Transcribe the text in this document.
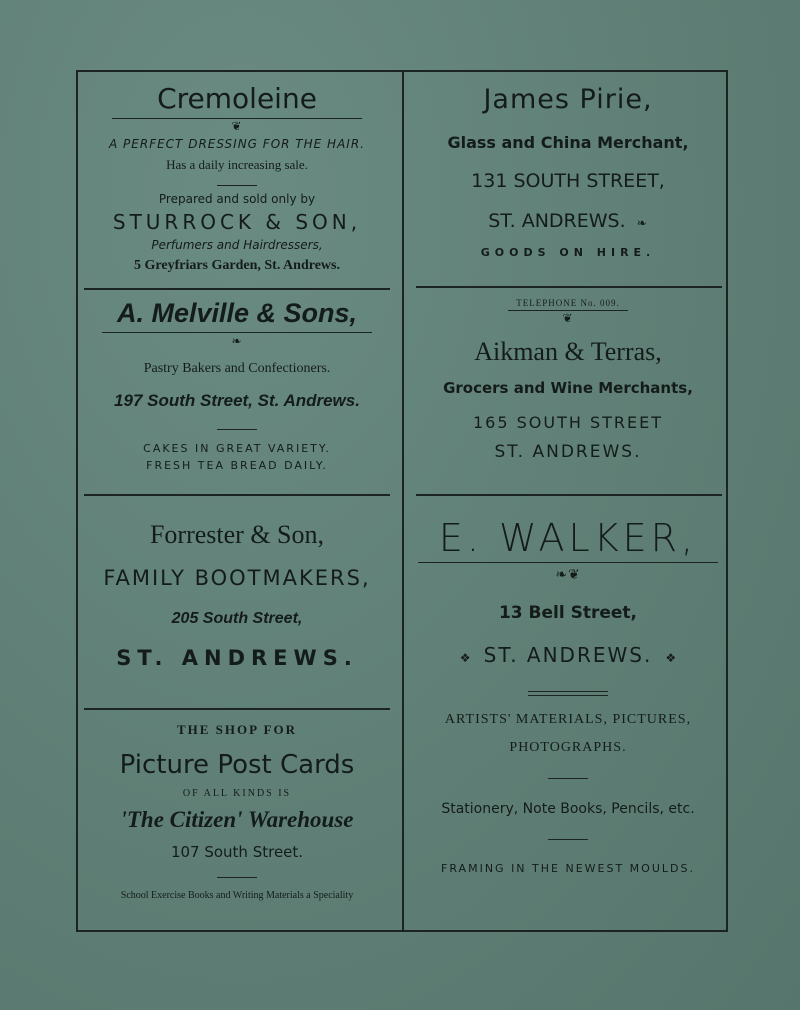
Cremoleine
❦
A PERFECT DRESSING FOR THE HAIR.
Has a daily increasing sale.
Prepared and sold only by
STURROCK & SON,
Perfumers and Hairdressers,
5 Greyfriars Garden, St. Andrews.
A. Melville & Sons,
❧
Pastry Bakers and Confectioners.
197 South Street, St. Andrews.
CAKES IN GREAT VARIETY.
FRESH TEA BREAD DAILY.
Forrester & Son,
FAMILY BOOTMAKERS,
205 South Street,
ST. ANDREWS.
THE SHOP FOR
Picture Post Cards
OF ALL KINDS IS
'The Citizen' Warehouse
107 South Street.
School Exercise Books and Writing Materials a Speciality
James Pirie,
Glass and China Merchant,
131 SOUTH STREET,
ST. ANDREWS. ❧
GOODS ON HIRE.
TELEPHONE No. 009.
❦
Aikman & Terras,
Grocers and Wine Merchants,
165 SOUTH STREET
ST. ANDREWS.
E. WALKER,
❧❦
13 Bell Street,
❖ ST. ANDREWS. ❖
ARTISTS' MATERIALS, PICTURES,
PHOTOGRAPHS.
Stationery, Note Books, Pencils, etc.
FRAMING IN THE NEWEST MOULDS.
